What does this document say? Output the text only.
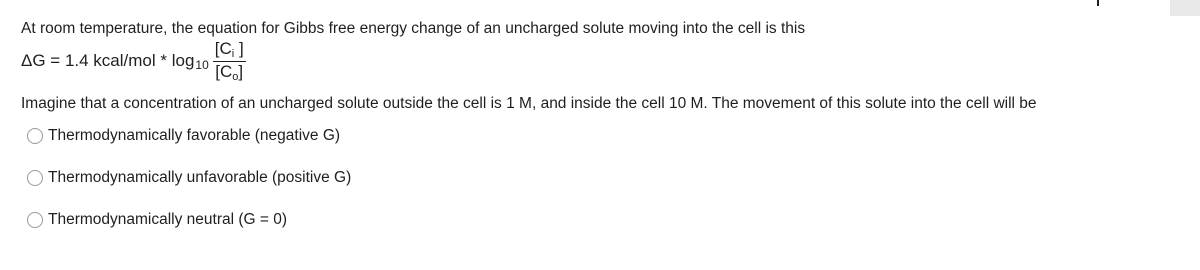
At room temperature, the equation for Gibbs free energy change of an uncharged solute moving into the cell is this
ΔG = 1.4 kcal/mol * $\log 10 \frac{[Ci ]}{[Co]}$
Imagine that a concentration of an uncharged solute outside the cell is 1 M, and inside the cell 10 M. The movement of this solute into the cell will be
Thermodynamically favorable (negative G)
Thermodynamically unfavorable (positive G)
Thermodynamically neutral (G = 0)
